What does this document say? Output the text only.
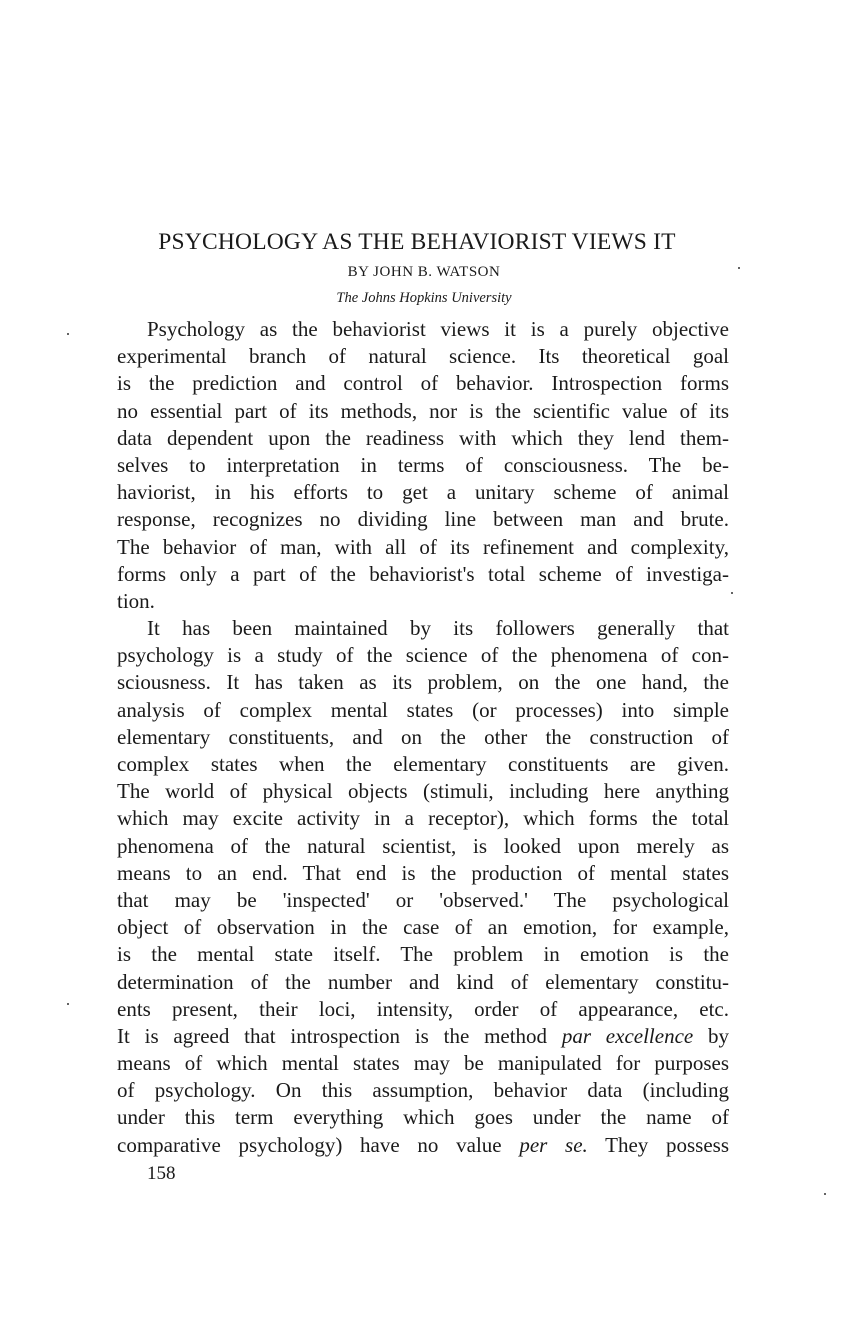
PSYCHOLOGY AS THE BEHAVIORIST VIEWS IT
BY JOHN B. WATSON
The Johns Hopkins University
Psychology as the behaviorist views it is a purely objective
experimental branch of natural science. Its theoretical goal
is the prediction and control of behavior. Introspection forms
no essential part of its methods, nor is the scientific value of its
data dependent upon the readiness with which they lend them-
selves to interpretation in terms of consciousness. The be-
haviorist, in his efforts to get a unitary scheme of animal
response, recognizes no dividing line between man and brute.
The behavior of man, with all of its refinement and complexity,
forms only a part of the behaviorist's total scheme of investiga-
tion.
It has been maintained by its followers generally that
psychology is a study of the science of the phenomena of con-
sciousness. It has taken as its problem, on the one hand, the
analysis of complex mental states (or processes) into simple
elementary constituents, and on the other the construction of
complex states when the elementary constituents are given.
The world of physical objects (stimuli, including here anything
which may excite activity in a receptor), which forms the total
phenomena of the natural scientist, is looked upon merely as
means to an end. That end is the production of mental states
that may be 'inspected' or 'observed.' The psychological
object of observation in the case of an emotion, for example,
is the mental state itself. The problem in emotion is the
determination of the number and kind of elementary constitu-
ents present, their loci, intensity, order of appearance, etc.
It is agreed that introspection is the method par excellence by
means of which mental states may be manipulated for purposes
of psychology. On this assumption, behavior data (including
under this term everything which goes under the name of
comparative psychology) have no value per se. They possess
158
